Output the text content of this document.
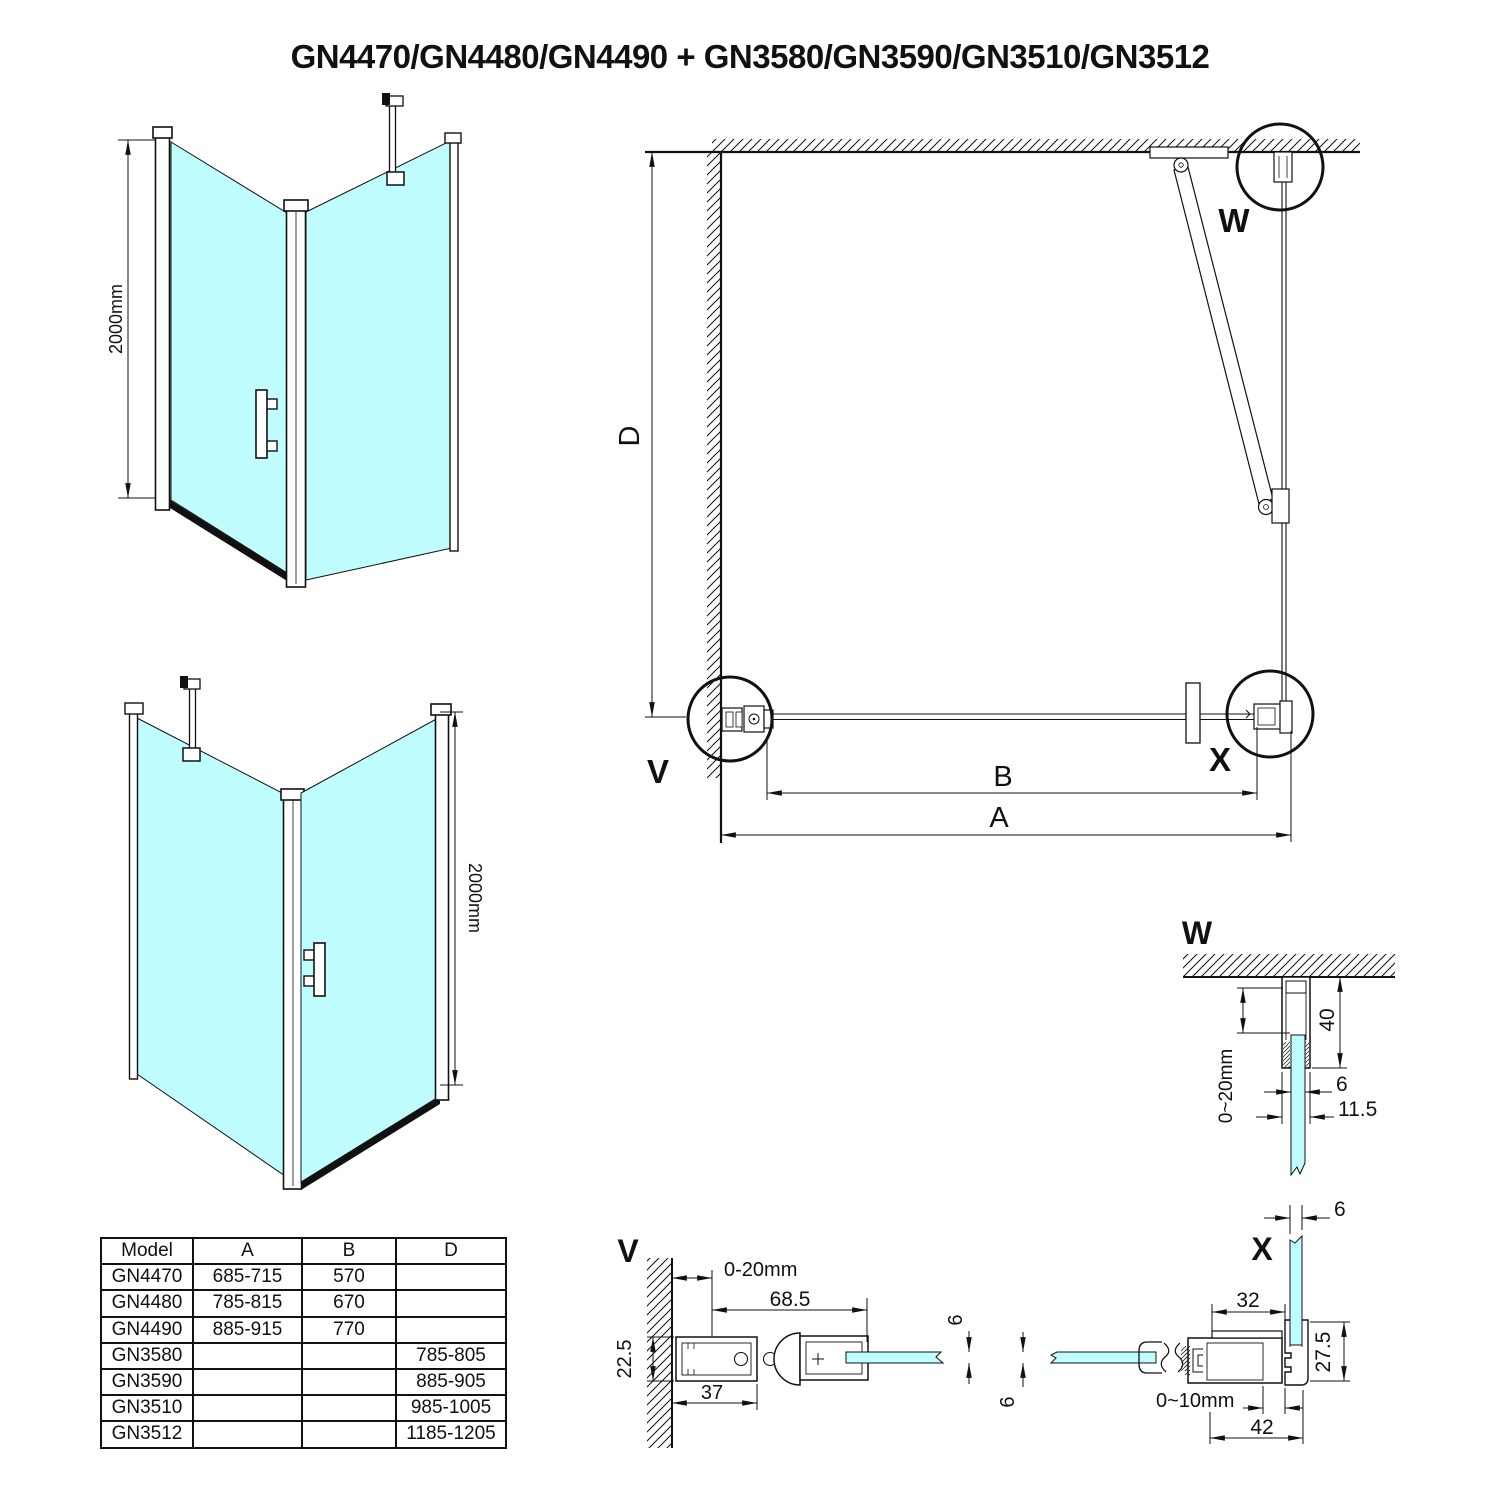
2000mm
2000mm
D
V
W
X
B
A
W
40
0~20mm	6
11.5
V
0-20mm
68.5
22.5
37
6
6
X
6
32
27.5
0~10mm
42
GN4470/GN4480/GN4490 + GN3580/GN3590/GN3510/GN3512
Model	A	B	D
GN4470	685-715	570	
GN4480	785-815	670	
GN4490	885-915	770	
GN3580			785-805
GN3590			885-905
GN3510			985-1005
GN3512			1185-1205
